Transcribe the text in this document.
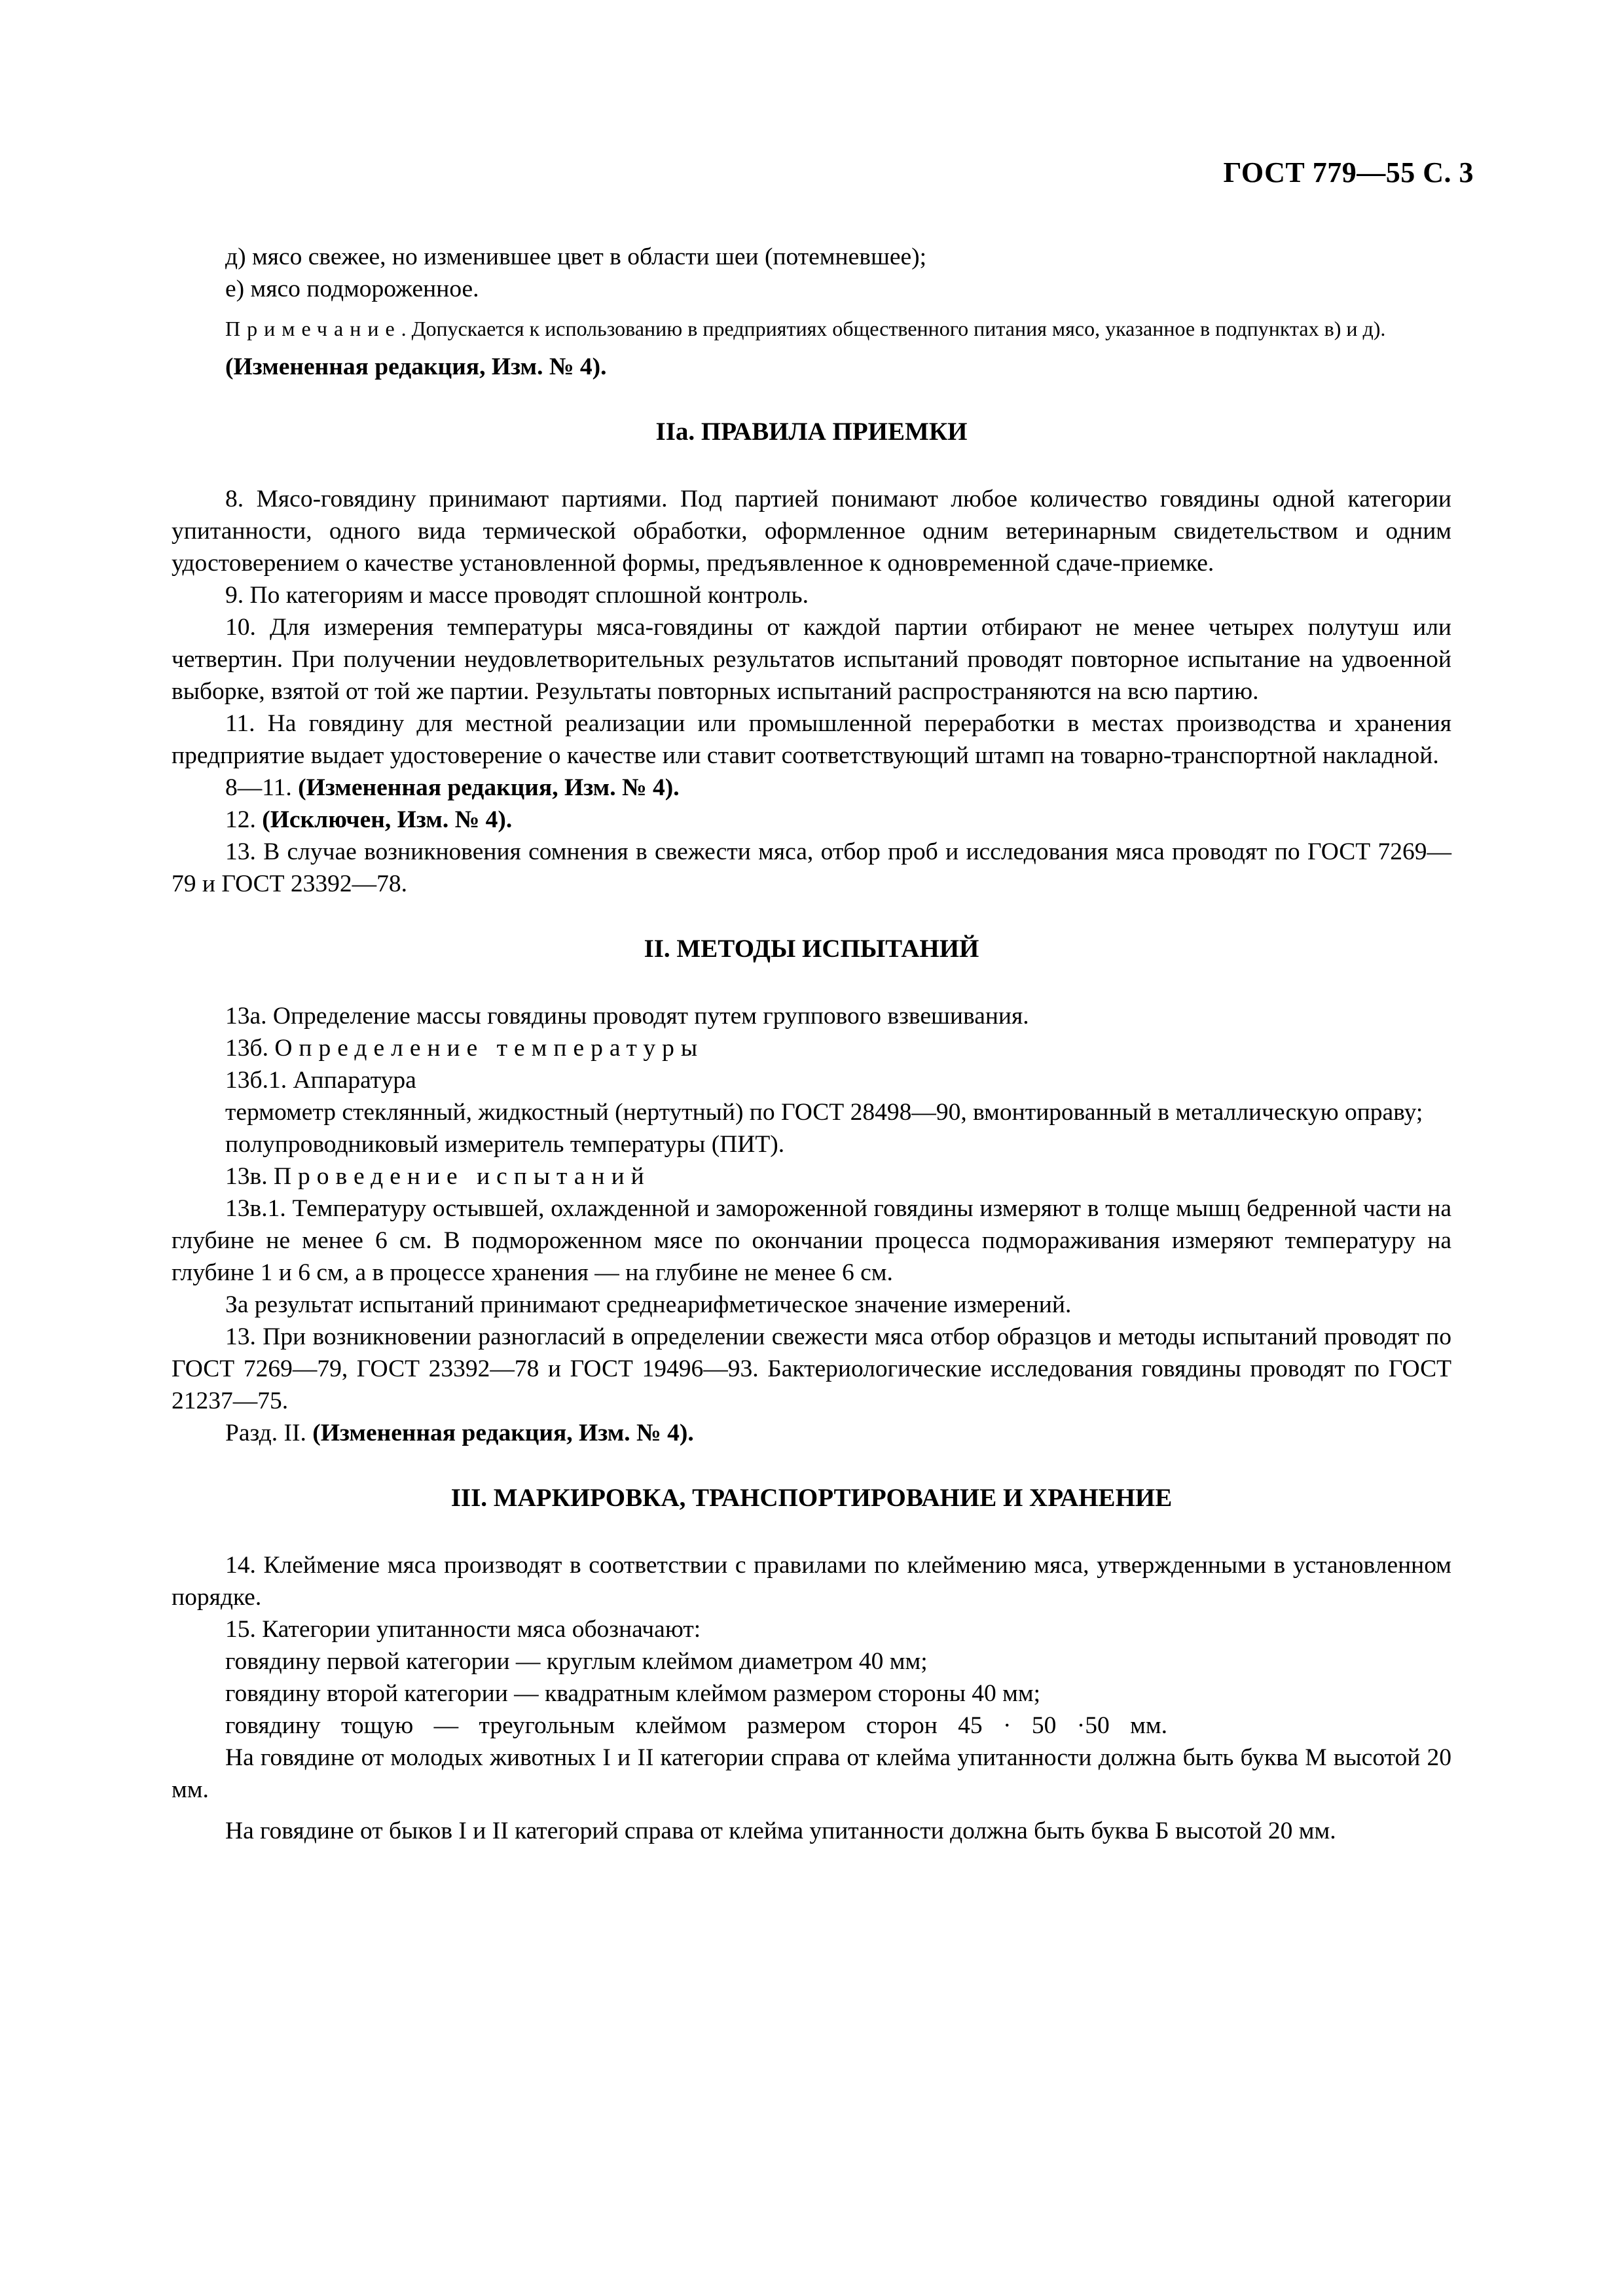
ГОСТ 779—55 С. 3

д) мясо свежее, но изменившее цвет в области шеи (потемневшее);

е) мясо подмороженное.

Примечание. Допускается к использованию в предприятиях общественного питания мясо, указанное в подпунктах в) и д).

(Измененная редакция, Изм. № 4).

IIa. ПРАВИЛА ПРИЕМКИ

8. Мясо-говядину принимают партиями. Под партией понимают любое количество говядины одной категории упитанности, одного вида термической обработки, оформленное одним ветеринарным свидетельством и одним удостоверением о качестве установленной формы, предъявленное к одновременной сдаче-приемке.

9. По категориям и массе проводят сплошной контроль.

10. Для измерения температуры мяса-говядины от каждой партии отбирают не менее четырех полутуш или четвертин. При получении неудовлетворительных результатов испытаний проводят повторное испытание на удвоенной выборке, взятой от той же партии. Результаты повторных испытаний распространяются на всю партию.

11. На говядину для местной реализации или промышленной переработки в местах производства и хранения предприятие выдает удостоверение о качестве или ставит соответствующий штамп на товарно-транспортной накладной.

8—11. (Измененная редакция, Изм. № 4).

12. (Исключен, Изм. № 4).

13. В случае возникновения сомнения в свежести мяса, отбор проб и исследования мяса проводят по ГОСТ 7269—79 и ГОСТ 23392—78.

II. МЕТОДЫ ИСПЫТАНИЙ

13а. Определение массы говядины проводят путем группового взвешивания.

13б. Определение температуры

13б.1. Аппаратура

термометр стеклянный, жидкостный (нертутный) по ГОСТ 28498—90, вмонтированный в металлическую оправу;

полупроводниковый измеритель температуры (ПИТ).

13в. Проведение испытаний

13в.1. Температуру остывшей, охлажденной и замороженной говядины измеряют в толще мышц бедренной части на глубине не менее 6 см. В подмороженном мясе по окончании процесса подмораживания измеряют температуру на глубине 1 и 6 см, а в процессе хранения — на глубине не менее 6 см.

За результат испытаний принимают среднеарифметическое значение измерений.

13. При возникновении разногласий в определении свежести мяса отбор образцов и методы испытаний проводят по ГОСТ 7269—79, ГОСТ 23392—78 и ГОСТ 19496—93. Бактериологические исследования говядины проводят по ГОСТ 21237—75.

Разд. II. (Измененная редакция, Изм. № 4).

III. МАРКИРОВКА, ТРАНСПОРТИРОВАНИЕ И ХРАНЕНИЕ

14. Клеймение мяса производят в соответствии с правилами по клеймению мяса, утвержденными в установленном порядке.

15. Категории упитанности мяса обозначают:

говядину первой категории — круглым клеймом диаметром 40 мм;

говядину второй категории — квадратным клеймом размером стороны 40 мм;

говядину тощую — треугольным клеймом размером сторон 45 · 50 ·50 мм.

На говядине от молодых животных I и II категории справа от клейма упитанности должна быть буква М высотой 20 мм.

На говядине от быков I и II категорий справа от клейма упитанности должна быть буква Б высотой 20 мм.
